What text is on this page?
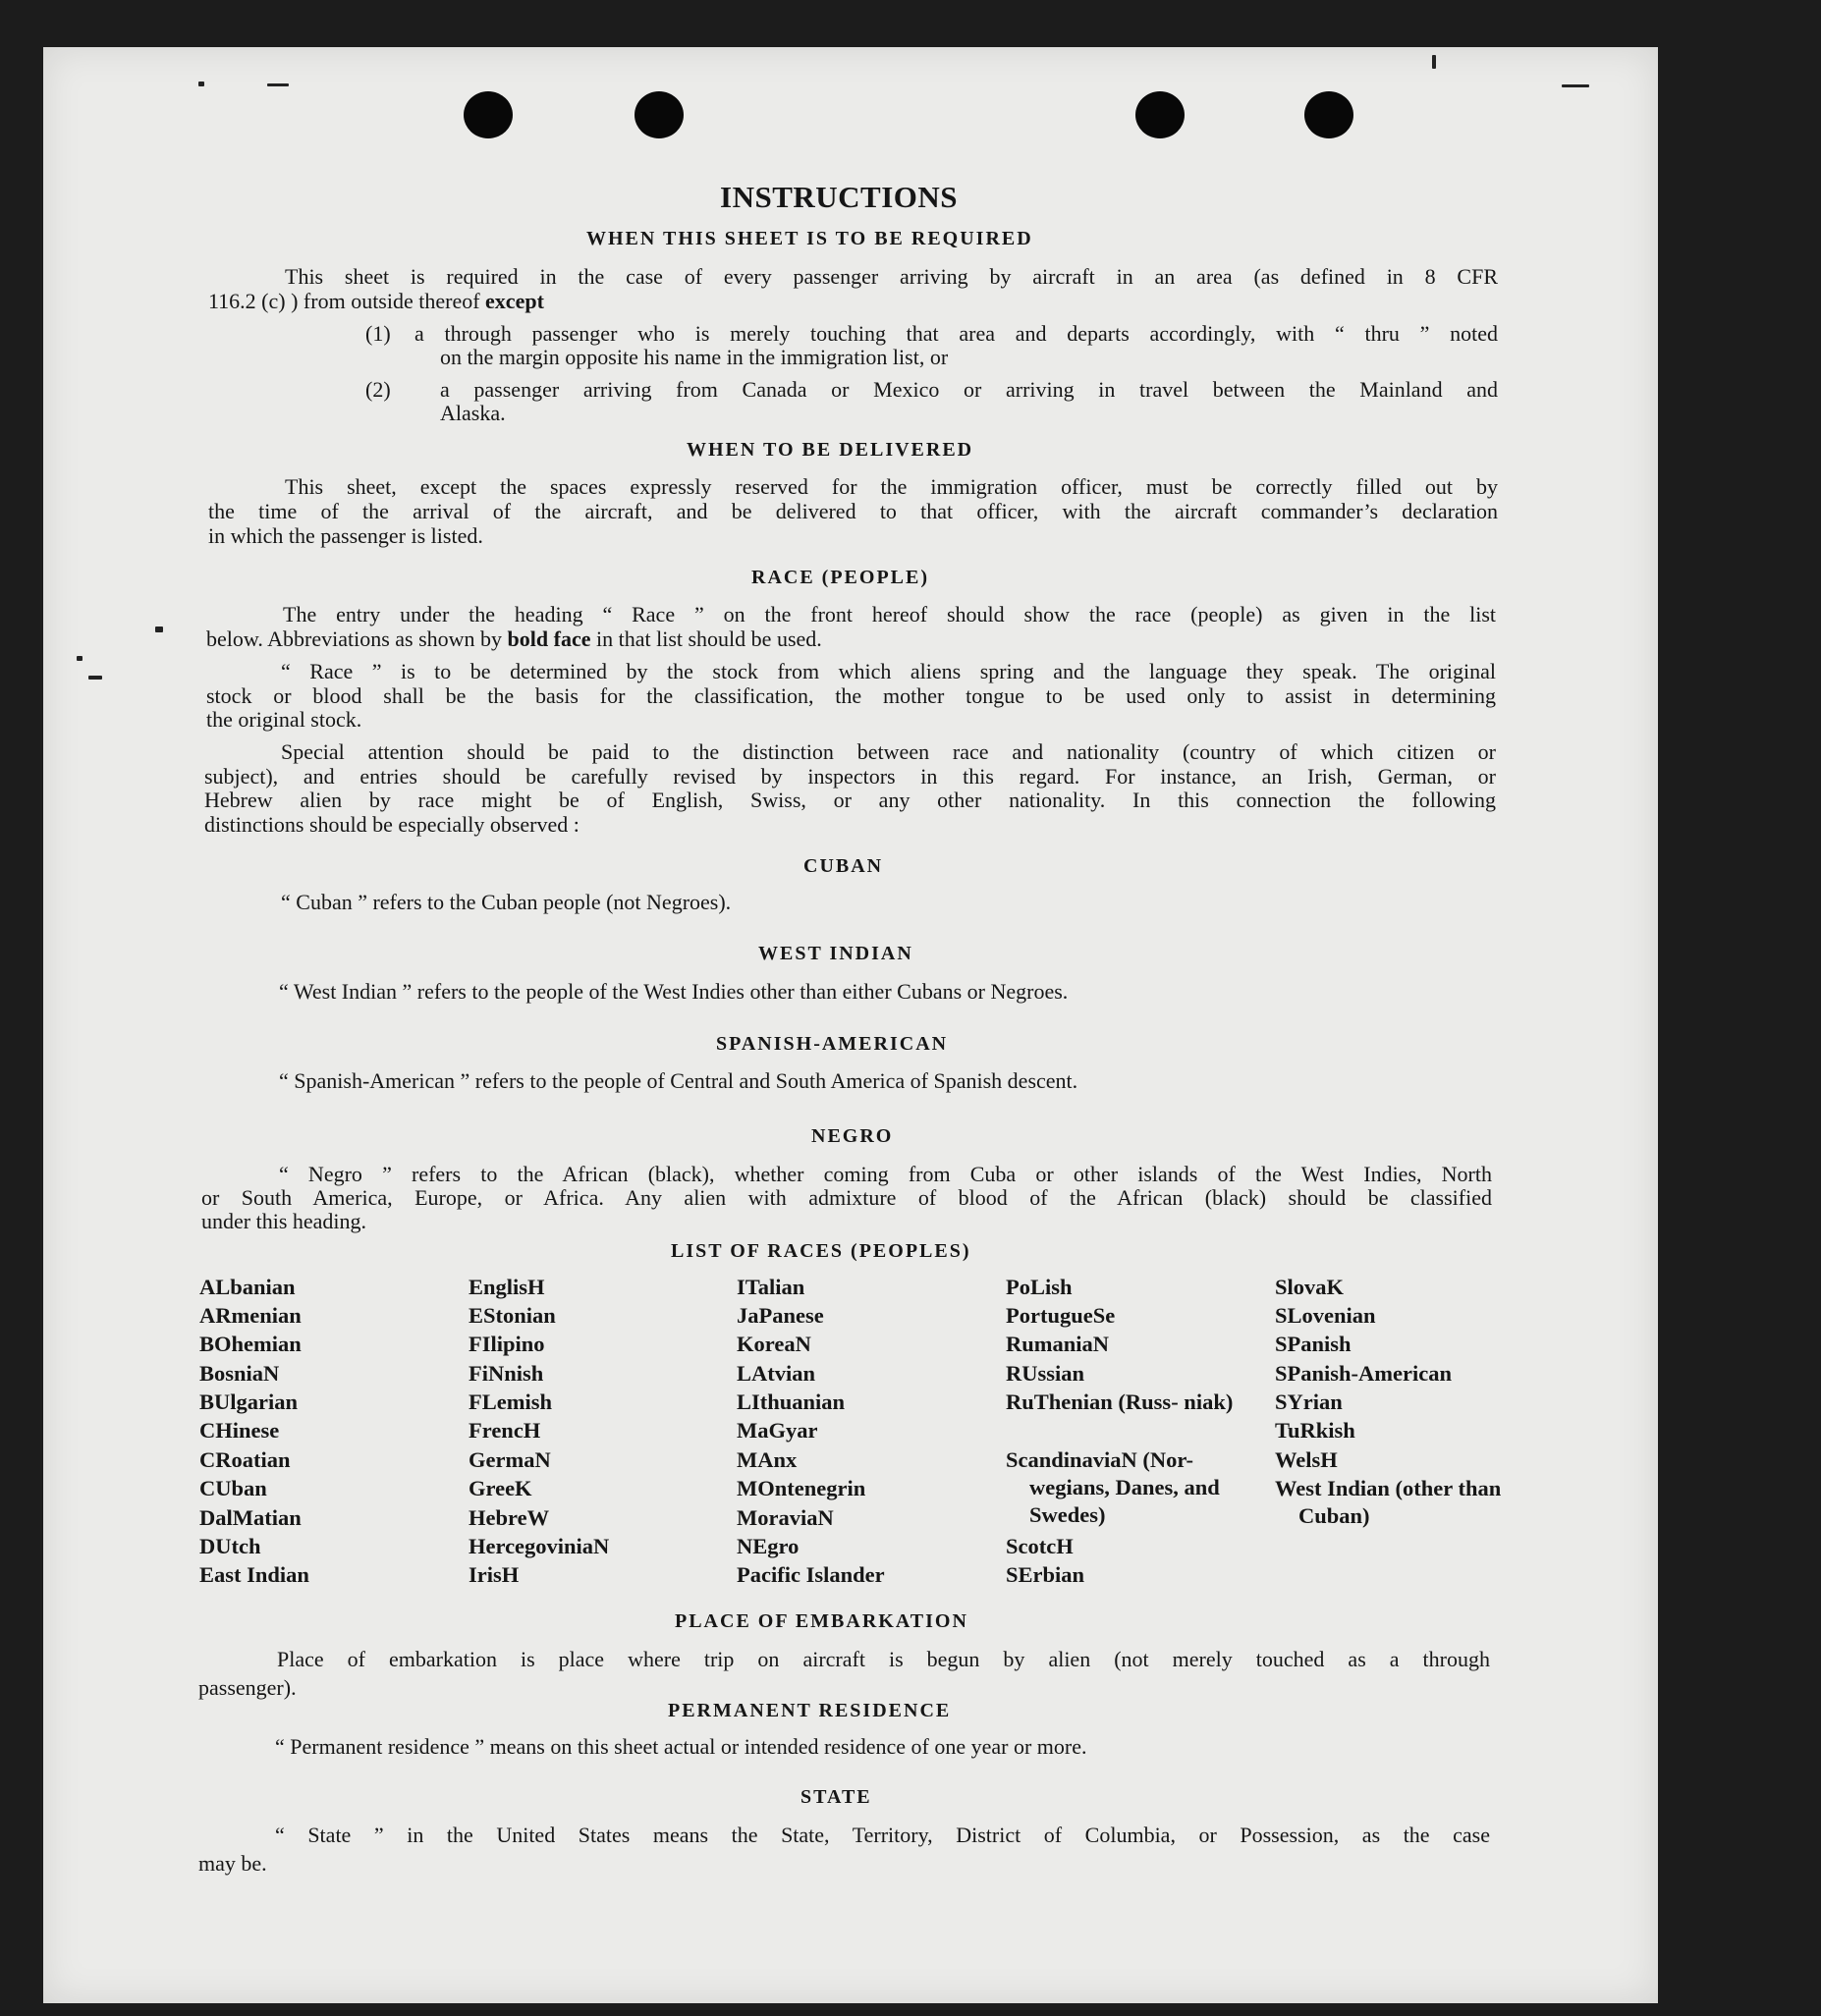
INSTRUCTIONS
WHEN THIS SHEET IS TO BE REQUIRED

This sheet is required in the case of every passenger arriving by aircraft in an area (as defined in 8 CFR

116.2 (c) ) from outside thereof except

(1) a through passenger who is merely touching that area and departs accordingly, with “ thru ” noted

on the margin opposite his name in the immigration list, or

(2) a passenger arriving from Canada or Mexico or arriving in travel between the Mainland and

Alaska.

WHEN TO BE DELIVERED

This sheet, except the spaces expressly reserved for the immigration officer, must be correctly filled out by

the time of the arrival of the aircraft, and be delivered to that officer, with the aircraft commander’s declaration

in which the passenger is listed.

RACE (PEOPLE)

The entry under the heading “ Race ” on the front hereof should show the race (people) as given in the list

below. Abbreviations as shown by bold face in that list should be used.

“ Race ” is to be determined by the stock from which aliens spring and the language they speak. The original

stock or blood shall be the basis for the classification, the mother tongue to be used only to assist in determining

the original stock.

Special attention should be paid to the distinction between race and nationality (country of which citizen or

subject), and entries should be carefully revised by inspectors in this regard. For instance, an Irish, German, or

Hebrew alien by race might be of English, Swiss, or any other nationality. In this connection the following

distinctions should be especially observed :

CUBAN

“ Cuban ” refers to the Cuban people (not Negroes).

WEST INDIAN

“ West Indian ” refers to the people of the West Indies other than either Cubans or Negroes.

SPANISH-AMERICAN

“ Spanish-American ” refers to the people of Central and South America of Spanish descent.

NEGRO

“ Negro ” refers to the African (black), whether coming from Cuba or other islands of the West Indies, North

or South America, Europe, or Africa. Any alien with admixture of blood of the African (black) should be classified

under this heading.

LIST OF RACES (PEOPLES)
ALbanian
ARmenian
BOhemian
BosniaN
BUlgarian
CHinese
CRoatian
CUban
DalMatian
DUtch
East Indian
EnglisH
EStonian
FIlipino
FiNnish
FLemish
FrencH
GermaN
GreeK
HebreW
HercegoviniaN
IrisH
ITalian
JaPanese
KoreaN
LAtvian
LIthuanian
MaGyar
MAnx
MOntenegrin
MoraviaN
NEgro
Pacific Islander
PoLish
PortugueSe
RumaniaN
RUssian
RuThenian (Russ- niak)
ScandinaviaN (Nor- wegians, Danes, and Swedes)
ScotcH
SErbian
SlovaK
SLovenian
SPanish
SPanish-American
SYrian
TuRkish
WelsH
West Indian (other than Cuban)
PLACE OF EMBARKATION

Place of embarkation is place where trip on aircraft is begun by alien (not merely touched as a through

passenger).

PERMANENT RESIDENCE

“ Permanent residence ” means on this sheet actual or intended residence of one year or more.

STATE

“ State ” in the United States means the State, Territory, District of Columbia, or Possession, as the case

may be.
